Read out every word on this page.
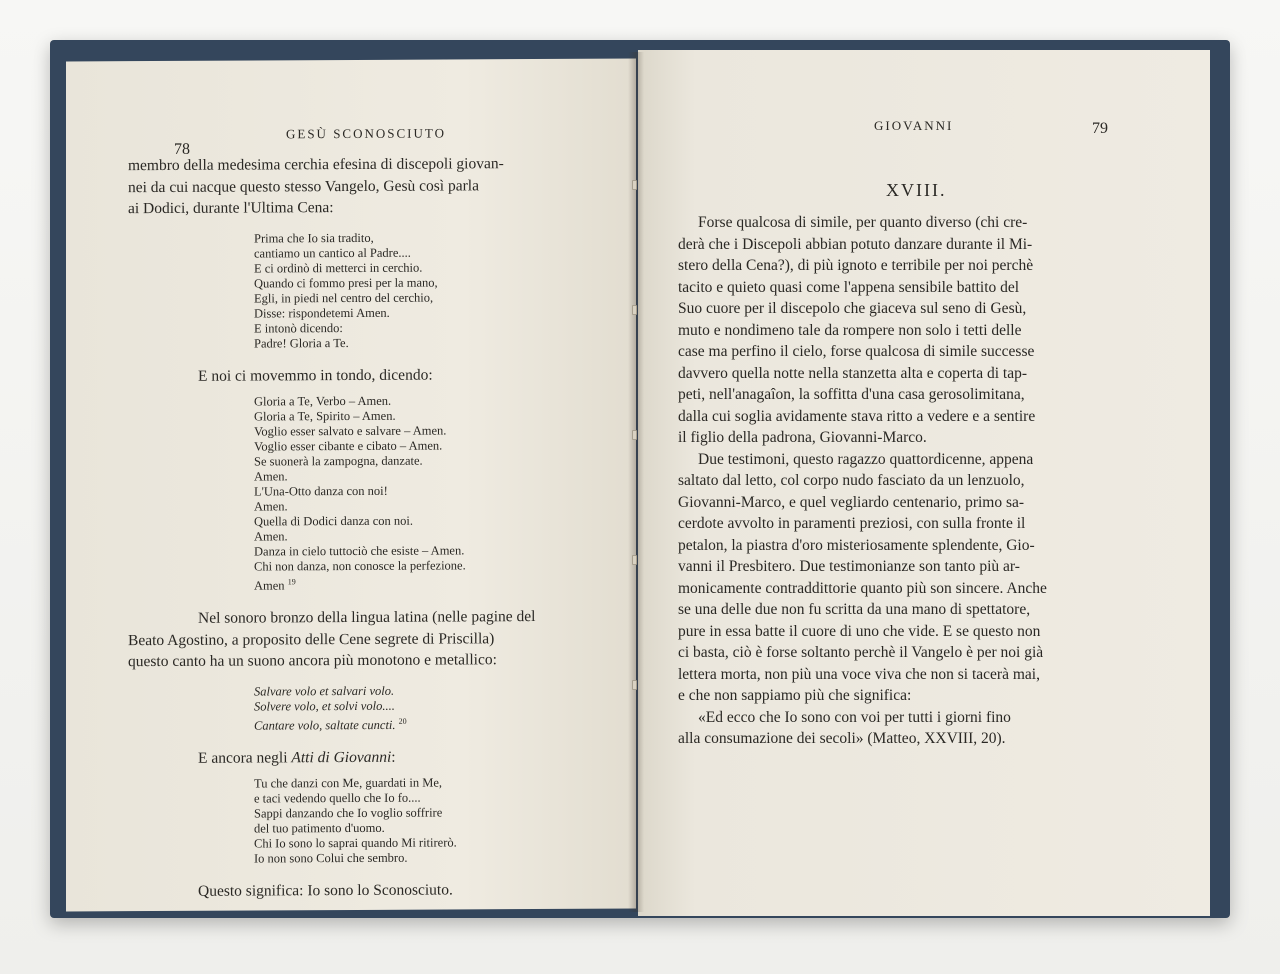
78
GESÙ SCONOSCIUTO
membro della medesima cerchia efesina di discepoli giovan-
nei da cui nacque questo stesso Vangelo, Gesù così parla
ai Dodici, durante l'Ultima Cena:
Prima che Io sia tradito,
cantiamo un cantico al Padre....
E ci ordinò di metterci in cerchio.
Quando ci fommo presi per la mano,
Egli, in piedi nel centro del cerchio,
Disse: rispondetemi Amen.
E intonò dicendo:
Padre! Gloria a Te.
E noi ci movemmo in tondo, dicendo:
Gloria a Te, Verbo – Amen.
Gloria a Te, Spirito – Amen.
Voglio esser salvato e salvare – Amen.
Voglio esser cibante e cibato – Amen.
Se suonerà la zampogna, danzate.
Amen.
L'Una-Otto danza con noi!
Amen.
Quella di Dodici danza con noi.
Amen.
Danza in cielo tuttociò che esiste – Amen.
Chi non danza, non conosce la perfezione.
Amen $^{19}$
Nel sonoro bronzo della lingua latina (nelle pagine del
Beato Agostino, a proposito delle Cene segrete di Priscilla)
questo canto ha un suono ancora più monotono e metallico:
Salvare volo et salvari volo.
Solvere volo, et solvi volo....
Cantare volo, saltate cuncti. $^{20}$
E ancora negli Atti di Giovanni:
Tu che danzi con Me, guardati in Me,
e taci vedendo quello che Io fo....
Sappi danzando che Io voglio soffrire
del tuo patimento d'uomo.
Chi Io sono lo saprai quando Mi ritirerò.
Io non sono Colui che sembro.
Questo significa: Io sono lo Sconosciuto.
GIOVANNI	79
XVIII.
Forse qualcosa di simile, per quanto diverso (chi cre-
derà che i Discepoli abbian potuto danzare durante il Mi-
stero della Cena?), di più ignoto e terribile per noi perchè
tacito e quieto quasi come l'appena sensibile battito del
Suo cuore per il discepolo che giaceva sul seno di Gesù,
muto e nondimeno tale da rompere non solo i tetti delle
case ma perfino il cielo, forse qualcosa di simile successe
davvero quella notte nella stanzetta alta e coperta di tap-
peti, nell'anagaîon, la soffitta d'una casa gerosolimitana,
dalla cui soglia avidamente stava ritto a vedere e a sentire
il figlio della padrona, Giovanni-Marco.
Due testimoni, questo ragazzo quattordicenne, appena
saltato dal letto, col corpo nudo fasciato da un lenzuolo,
Giovanni-Marco, e quel vegliardo centenario, primo sa-
cerdote avvolto in paramenti preziosi, con sulla fronte il
petalon, la piastra d'oro misteriosamente splendente, Gio-
vanni il Presbitero. Due testimonianze son tanto più ar-
monicamente contraddittorie quanto più son sincere. Anche
se una delle due non fu scritta da una mano di spettatore,
pure in essa batte il cuore di uno che vide. E se questo non
ci basta, ciò è forse soltanto perchè il Vangelo è per noi già
lettera morta, non più una voce viva che non si tacerà mai,
e che non sappiamo più che significa:
«Ed ecco che Io sono con voi per tutti i giorni fino
alla consumazione dei secoli» (Matteo, XXVIII, 20).
